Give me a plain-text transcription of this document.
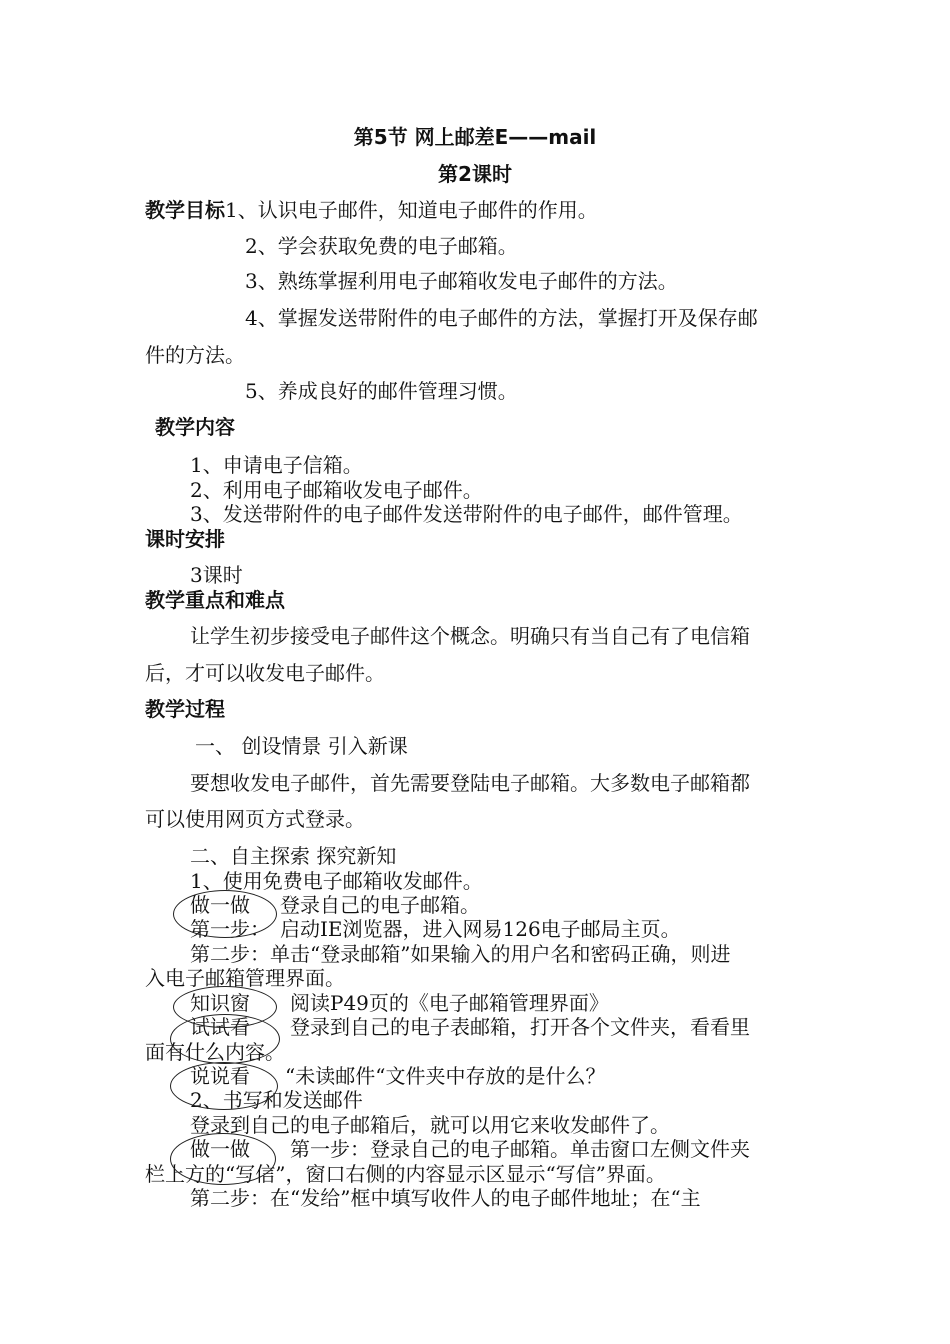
第5节 网上邮差E——mail
第2课时
教学目标1、认识电子邮件，知道电子邮件的作用。
2、学会获取免费的电子邮箱。
3、熟练掌握利用电子邮箱收发电子邮件的方法。
4、掌握发送带附件的电子邮件的方法，掌握打开及保存邮
件的方法。
5、养成良好的邮件管理习惯。
教学内容
1、申请电子信箱。
2、利用电子邮箱收发电子邮件。
3、发送带附件的电子邮件发送带附件的电子邮件，邮件管理。
课时安排
3课时
教学重点和难点
让学生初步接受电子邮件这个概念。明确只有当自己有了电信箱
后，才可以收发电子邮件。
教学过程
一、 创设情景 引入新课
要想收发电子邮件，首先需要登陆电子邮箱。大多数电子邮箱都
可以使用网页方式登录。
二、自主探索 探究新知
1、使用免费电子邮箱收发邮件。
做一做 登录自己的电子邮箱。
第一步： 启动IE浏览器，进入网易126电子邮局主页。
第二步：单击“登录邮箱”如果输入的用户名和密码正确，则进
入电子邮箱管理界面。
知识窗 阅读P49页的《电子邮箱管理界面》
试试看 登录到自己的电子表邮箱，打开各个文件夹，看看里
面有什么内容。
说说看 “未读邮件“文件夹中存放的是什么？
2、书写和发送邮件
登录到自己的电子邮箱后，就可以用它来收发邮件了。
做一做 第一步：登录自己的电子邮箱。单击窗口左侧文件夹
栏上方的“写信”，窗口右侧的内容显示区显示“写信”界面。
第二步：在“发给”框中填写收件人的电子邮件地址；在“主
